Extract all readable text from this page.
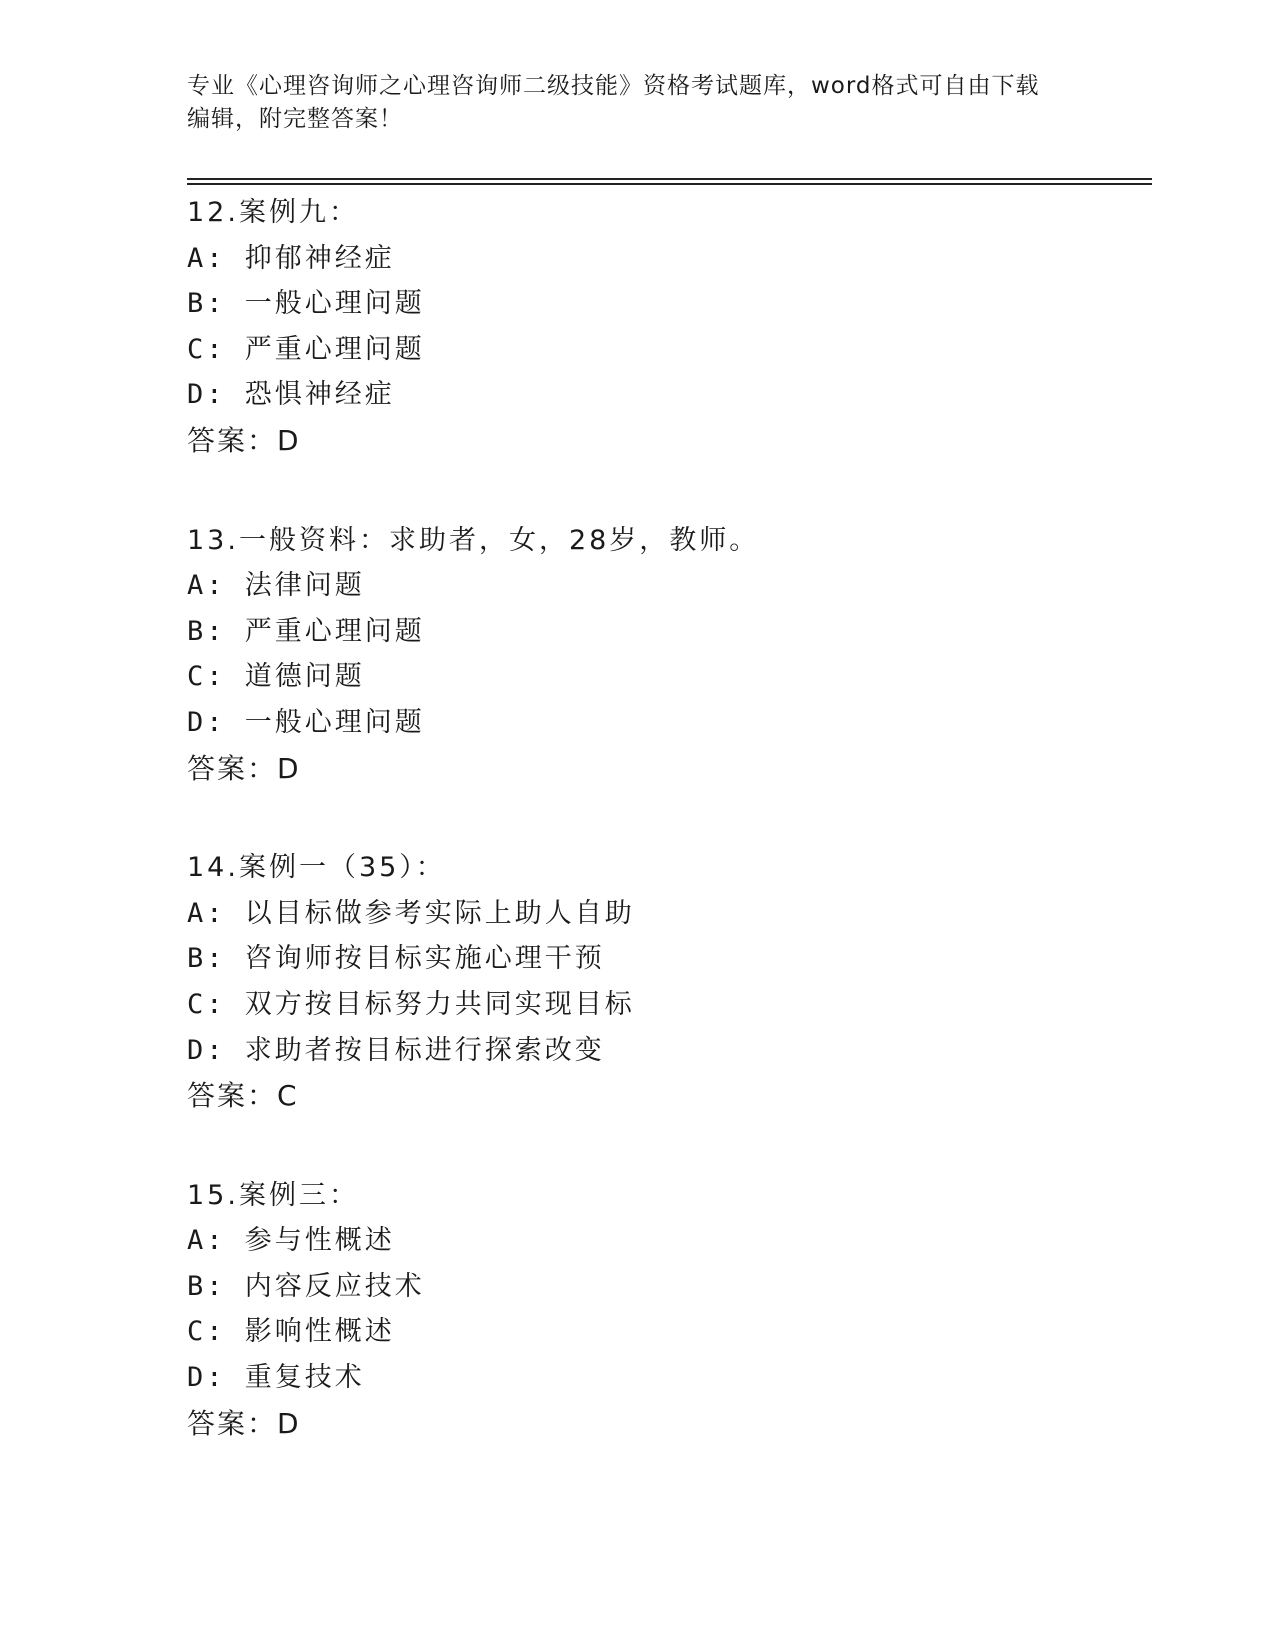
专业《心理咨询师之心理咨询师二级技能》资格考试题库，word格式可自由下载
编辑，附完整答案！
12.案例九：
A: 抑郁神经症
B: 一般心理问题
C: 严重心理问题
D: 恐惧神经症
答案：D
13.一般资料：求助者，女，28岁，教师。
A: 法律问题
B: 严重心理问题
C: 道德问题
D: 一般心理问题
答案：D
14.案例一（35）：
A: 以目标做参考实际上助人自助
B: 咨询师按目标实施心理干预
C: 双方按目标努力共同实现目标
D: 求助者按目标进行探索改变
答案：C
15.案例三：
A: 参与性概述
B: 内容反应技术
C: 影响性概述
D: 重复技术
答案：D
